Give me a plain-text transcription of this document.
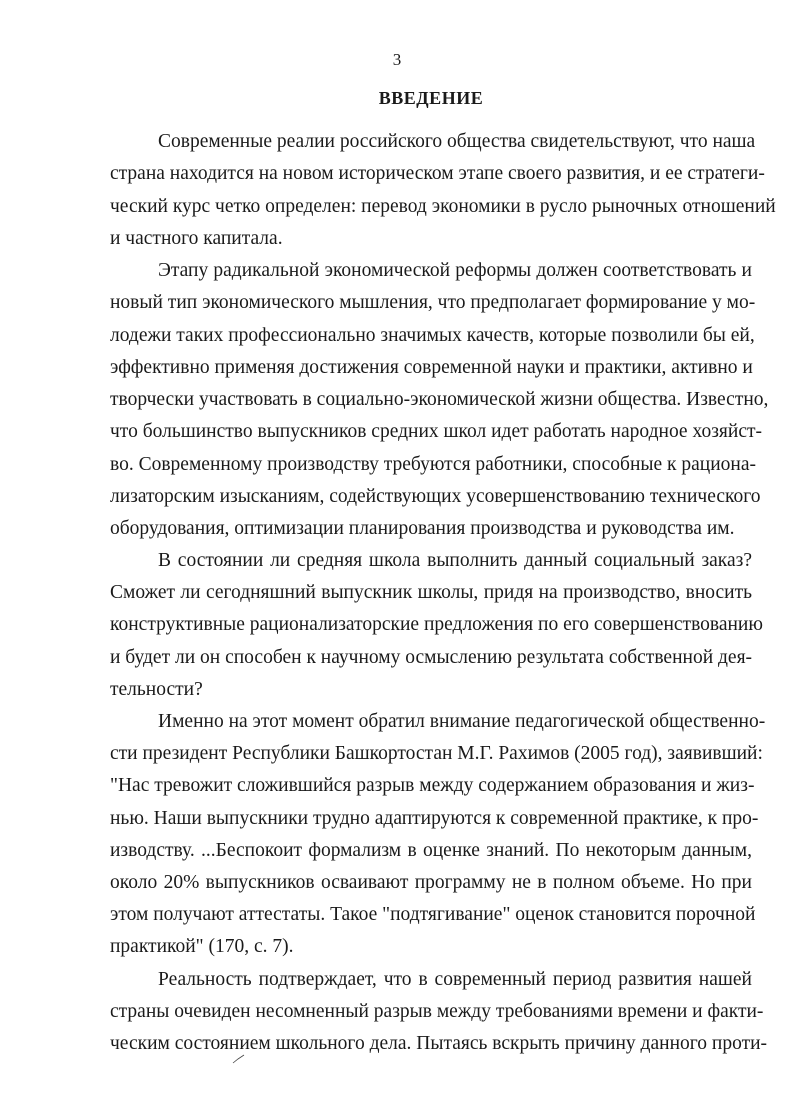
3
ВВЕДЕНИЕ
Современные реалии российского общества свидетельствуют, что наша
страна находится на новом историческом этапе своего развития, и ее стратеги-
ческий курс четко определен: перевод экономики в русло рыночных отношений
и частного капитала.
Этапу радикальной экономической реформы должен соответствовать и
новый тип экономического мышления, что предполагает формирование у мо-
лодежи таких профессионально значимых качеств, которые позволили бы ей,
эффективно применяя достижения современной науки и практики, активно и
творчески участвовать в социально-экономической жизни общества. Известно,
что большинство выпускников средних школ идет работать народное хозяйст-
во. Современному производству требуются работники, способные к рациона-
лизаторским изысканиям, содействующих усовершенствованию технического
оборудования, оптимизации планирования производства и руководства им.
В состоянии ли средняя школа выполнить данный социальный заказ?
Сможет ли сегодняшний выпускник школы, придя на производство, вносить
конструктивные рационализаторские предложения по его совершенствованию
и будет ли он способен к научному осмыслению результата собственной дея-
тельности?
Именно на этот момент обратил внимание педагогической общественно-
сти президент Республики Башкортостан М.Г. Рахимов (2005 год), заявивший:
"Нас тревожит сложившийся разрыв между содержанием образования и жиз-
нью. Наши выпускники трудно адаптируются к современной практике, к про-
изводству. ...Беспокоит формализм в оценке знаний. По некоторым данным,
около 20% выпускников осваивают программу не в полном объеме. Но при
этом получают аттестаты. Такое "подтягивание" оценок становится порочной
практикой" (170, с. 7).
Реальность подтверждает, что в современный период развития нашей
страны очевиден несомненный разрыв между требованиями времени и факти-
ческим состоянием школьного дела. Пытаясь вскрыть причину данного проти-
